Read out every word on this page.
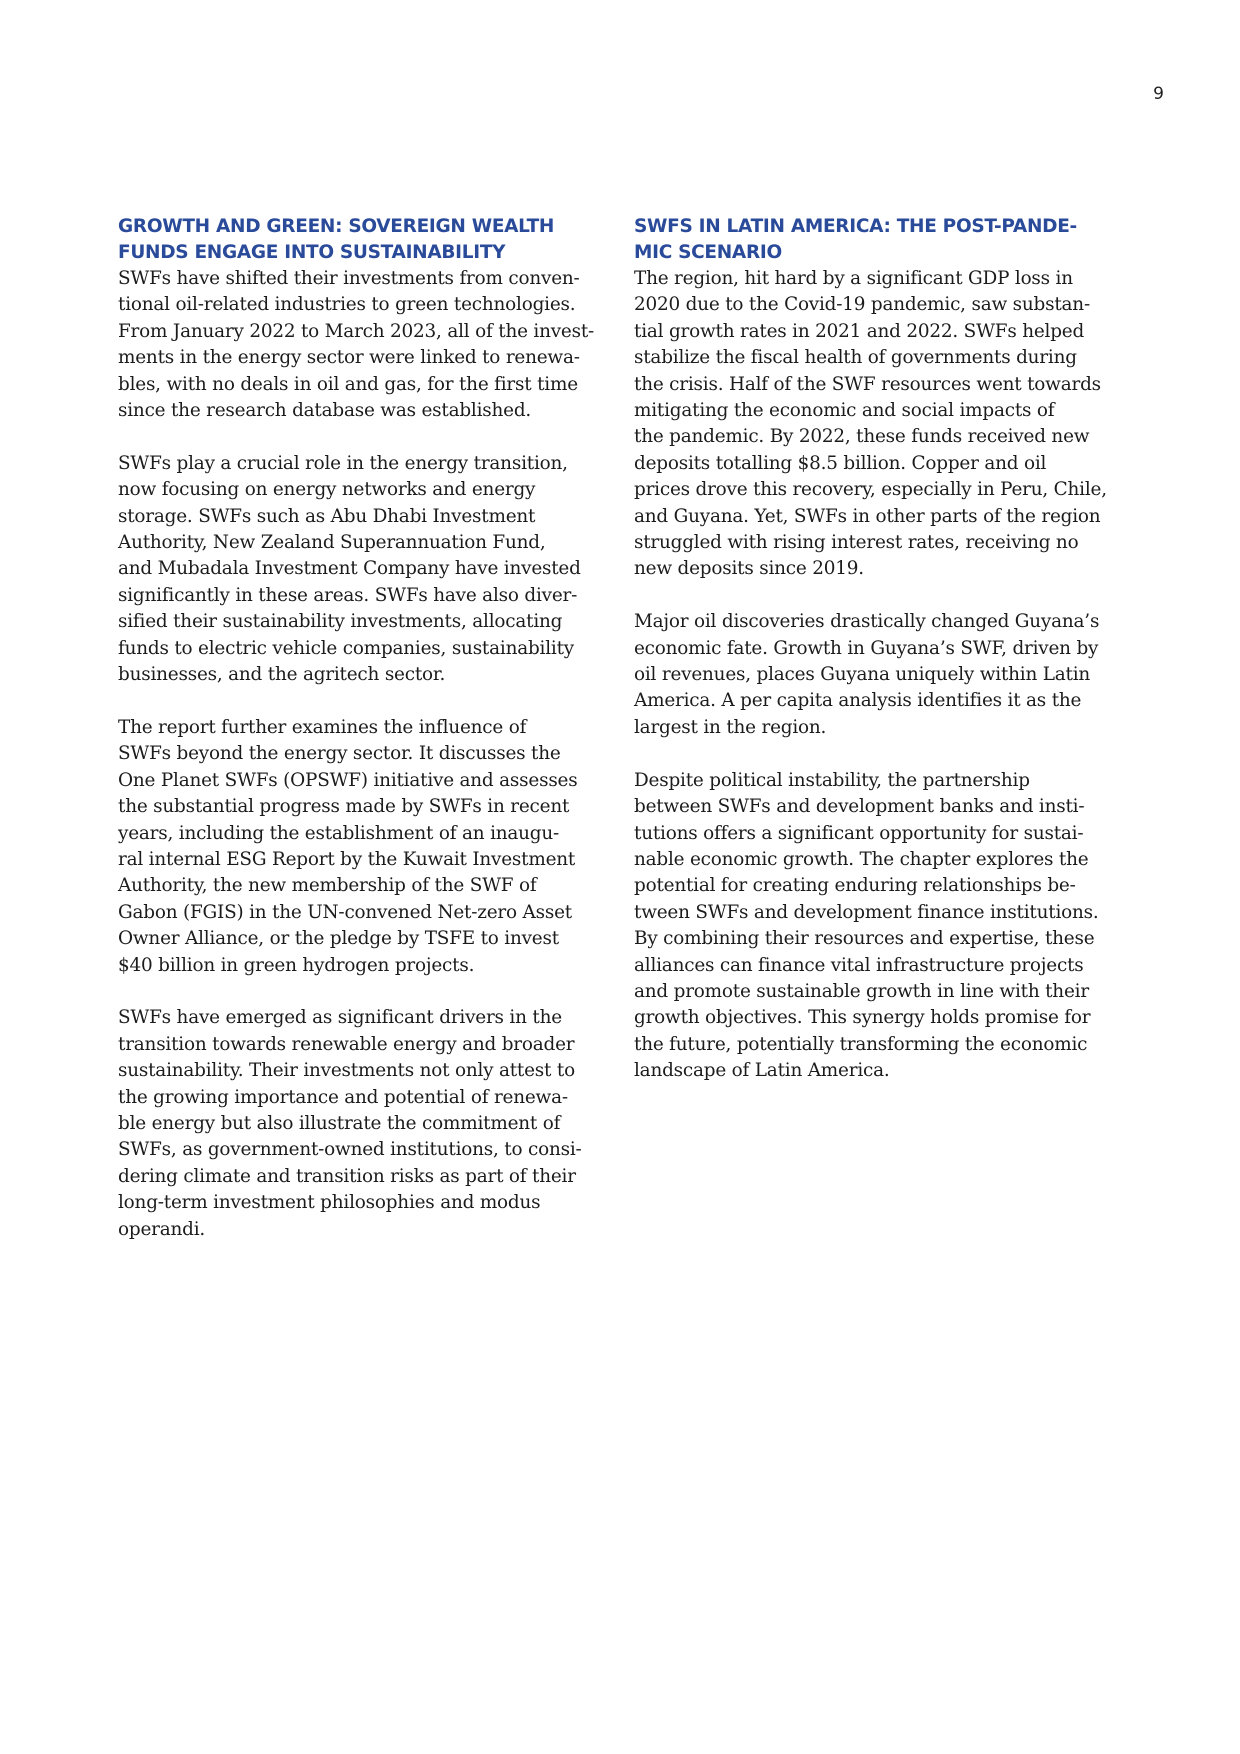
9
GROWTH AND GREEN: SOVEREIGN WEALTH
FUNDS ENGAGE INTO SUSTAINABILITY

SWFs have shifted their investments from conven-
tional oil-related industries to green technologies.
From January 2022 to March 2023, all of the invest-
ments in the energy sector were linked to renewa-
bles, with no deals in oil and gas, for the first time
since the research database was established.

SWFs play a crucial role in the energy transition,
now focusing on energy networks and energy
storage. SWFs such as Abu Dhabi Investment
Authority, New Zealand Superannuation Fund,
and Mubadala Investment Company have invested
significantly in these areas. SWFs have also diver-
sified their sustainability investments, allocating
funds to electric vehicle companies, sustainability
businesses, and the agritech sector.

The report further examines the influence of
SWFs beyond the energy sector. It discusses the
One Planet SWFs (OPSWF) initiative and assesses
the substantial progress made by SWFs in recent
years, including the establishment of an inaugu-
ral internal ESG Report by the Kuwait Investment
Authority, the new membership of the SWF of
Gabon (FGIS) in the UN-convened Net-zero Asset
Owner Alliance, or the pledge by TSFE to invest
$40 billion in green hydrogen projects.

SWFs have emerged as significant drivers in the
transition towards renewable energy and broader
sustainability. Their investments not only attest to
the growing importance and potential of renewa-
ble energy but also illustrate the commitment of
SWFs, as government-owned institutions, to consi-
dering climate and transition risks as part of their
long-term investment philosophies and modus
operandi.

SWFS IN LATIN AMERICA: THE POST-PANDE-
MIC SCENARIO

The region, hit hard by a significant GDP loss in
2020 due to the Covid-19 pandemic, saw substan-
tial growth rates in 2021 and 2022. SWFs helped
stabilize the fiscal health of governments during
the crisis. Half of the SWF resources went towards
mitigating the economic and social impacts of
the pandemic. By 2022, these funds received new
deposits totalling $8.5 billion. Copper and oil
prices drove this recovery, especially in Peru, Chile,
and Guyana. Yet, SWFs in other parts of the region
struggled with rising interest rates, receiving no
new deposits since 2019.

Major oil discoveries drastically changed Guyana’s
economic fate. Growth in Guyana’s SWF, driven by
oil revenues, places Guyana uniquely within Latin
America. A per capita analysis identifies it as the
largest in the region.

Despite political instability, the partnership
between SWFs and development banks and insti-
tutions offers a significant opportunity for sustai-
nable economic growth. The chapter explores the
potential for creating enduring relationships be-
tween SWFs and development finance institutions.
By combining their resources and expertise, these
alliances can finance vital infrastructure projects
and promote sustainable growth in line with their
growth objectives. This synergy holds promise for
the future, potentially transforming the economic
landscape of Latin America.
